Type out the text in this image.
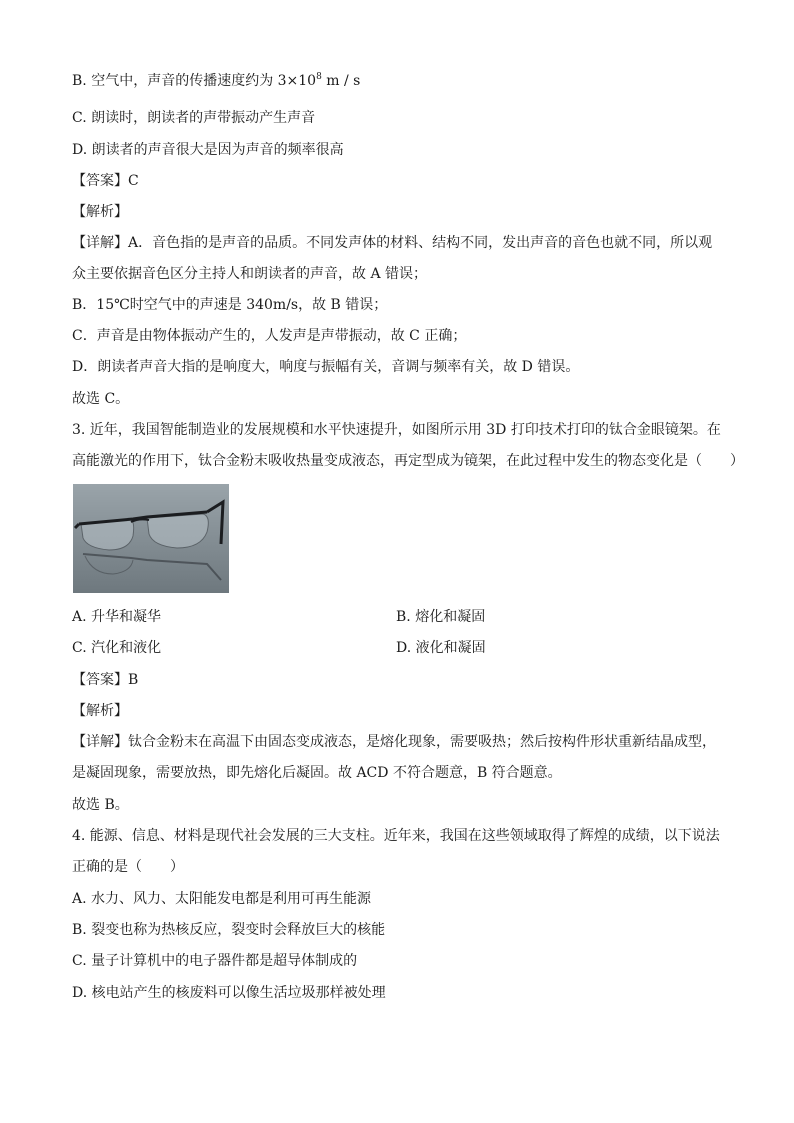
B. 空气中，声音的传播速度约为 $3\times 10^8$ m / s
C. 朗读时，朗读者的声带振动产生声音
D. 朗读者的声音很大是因为声音的频率很高
【答案】C
【解析】
【详解】A．音色指的是声音的品质。不同发声体的材料、结构不同，发出声音的音色也就不同，所以观
众主要依据音色区分主持人和朗读者的声音，故 A 错误；
B．15℃时空气中的声速是 340m/s，故 B 错误；
C．声音是由物体振动产生的，人发声是声带振动，故 C 正确；
D．朗读者声音大指的是响度大，响度与振幅有关，音调与频率有关，故 D 错误。
故选 C。
3. 近年，我国智能制造业的发展规模和水平快速提升，如图所示用 3D 打印技术打印的钛合金眼镜架。在
高能激光的作用下，钛合金粉末吸收热量变成液态，再定型成为镜架，在此过程中发生的物态变化是（　　）
A. 升华和凝华	B. 熔化和凝固
C. 汽化和液化	D. 液化和凝固
【答案】B
【解析】
【详解】钛合金粉末在高温下由固态变成液态，是熔化现象，需要吸热；然后按构件形状重新结晶成型，
是凝固现象，需要放热，即先熔化后凝固。故 ACD 不符合题意，B 符合题意。
故选 B。
4. 能源、信息、材料是现代社会发展的三大支柱。近年来，我国在这些领域取得了辉煌的成绩，以下说法
正确的是（　　）
A. 水力、风力、太阳能发电都是利用可再生能源
B. 裂变也称为热核反应，裂变时会释放巨大的核能
C. 量子计算机中的电子器件都是超导体制成的
D. 核电站产生的核废料可以像生活垃圾那样被处理
